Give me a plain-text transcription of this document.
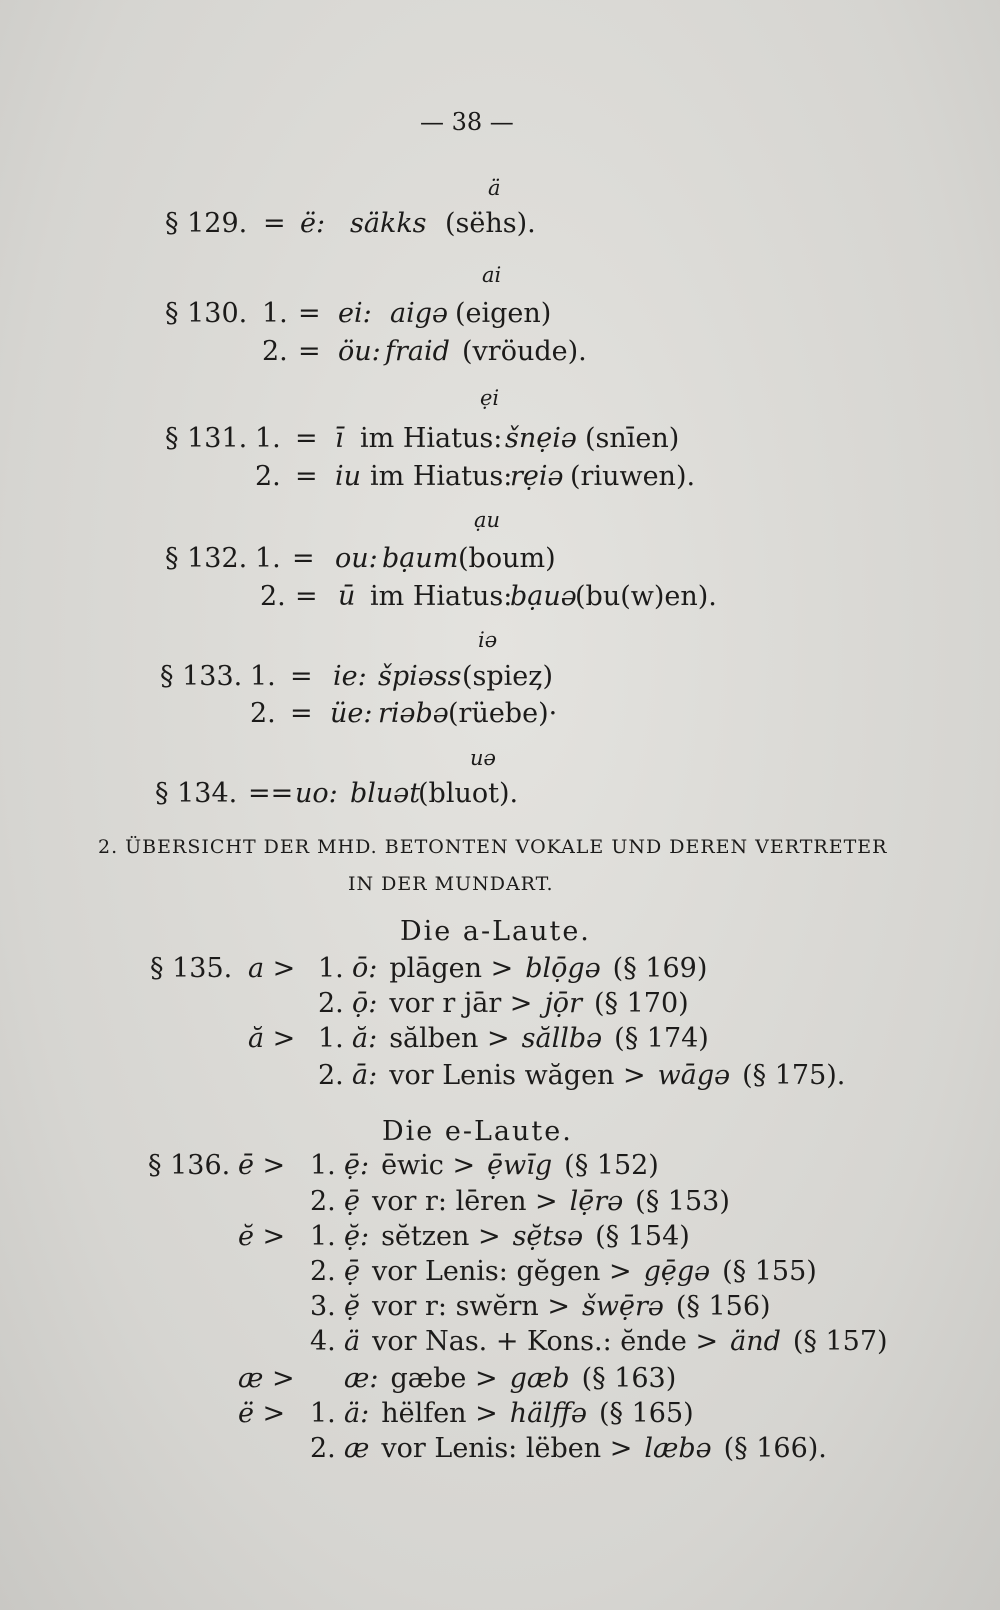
— 38 —
ä
§ 129. = ë: säkks (sëhs).
ai
§ 130. 1. = ei: aigə (eigen)
2. = öu: fraid (vröude).
ẹi
§ 131. 1. = ī im Hiatus: šnẹiə (snīen)
2. = iu im Hiatus:
rẹiə (riuwen).
ạu
§ 132. 1. = ou: bạum (boum)
2. = ū im Hiatus:
bạuə
(bu(w)en).
iə
§ 133. 1. = ie: špiəss (spieȥ)
2. = üe: riəbə (rüebe)·
uə
§ 134. == uo: bluət
(bluot).
2. ÜBERSICHT DER MHD. BETONTEN VOKALE UND DEREN VERTRETER
IN DER MUNDART.
Die a-Laute.
§ 135. a > 1. ō: plāgen > blọ̄gə (§ 169)
2. ọ̄: vor r jār > jọ̄r (§ 170)
ă > 1. ă: sălben > săllbə (§ 174)
2. ā: vor Lenis wăgen > wāgə (§ 175).
Die e-Laute.
§ 136. ē > 1. ẹ̄: ēwic > ẹ̄wīg (§ 152)
2. ẹ̄ vor r: lēren > lẹ̄rə (§ 153)
ĕ > 1. ẹ̆: sĕtzen > sẹ̆tsə (§ 154)
2. ẹ̄ vor Lenis: gĕgen > gẹ̄gə (§ 155)
3. ẹ̆ vor r: swĕrn > šwẹ̄rə (§ 156)
4. ä vor Nas. + Kons.: ĕnde > änd (§ 157)
æ > æ: gæbe > gæb (§ 163)
ë > 1. ä: hëlfen > hälffə (§ 165)
2. æ vor Lenis: lëben > læbə (§ 166).
